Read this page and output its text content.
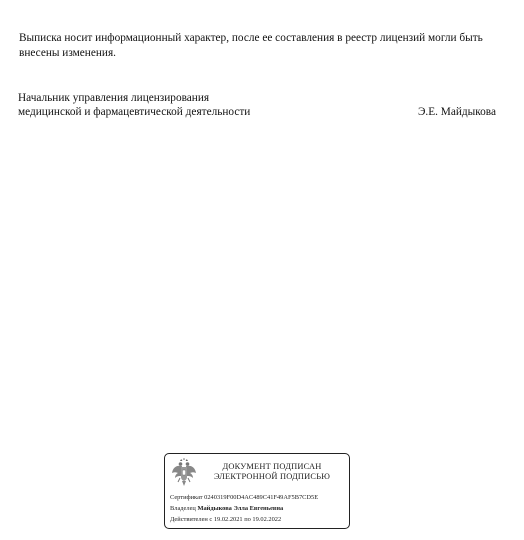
Выписка носит информационный характер, после ее составления в реестр лицензий могли быть внесены изменения.

Начальник управления лицензирования
медицинской и фармацевтической деятельности	Э.Е. Майдыкова
ДОКУМЕНТ ПОДПИСАН
ЭЛЕКТРОННОЙ ПОДПИСЬЮ
Сертификат 0240319F00D4AC489C41F49AF5B7CD5E
Владелец Майдыкова Элла Евгеньевна
Действителен с 19.02.2021 по 19.02.2022
